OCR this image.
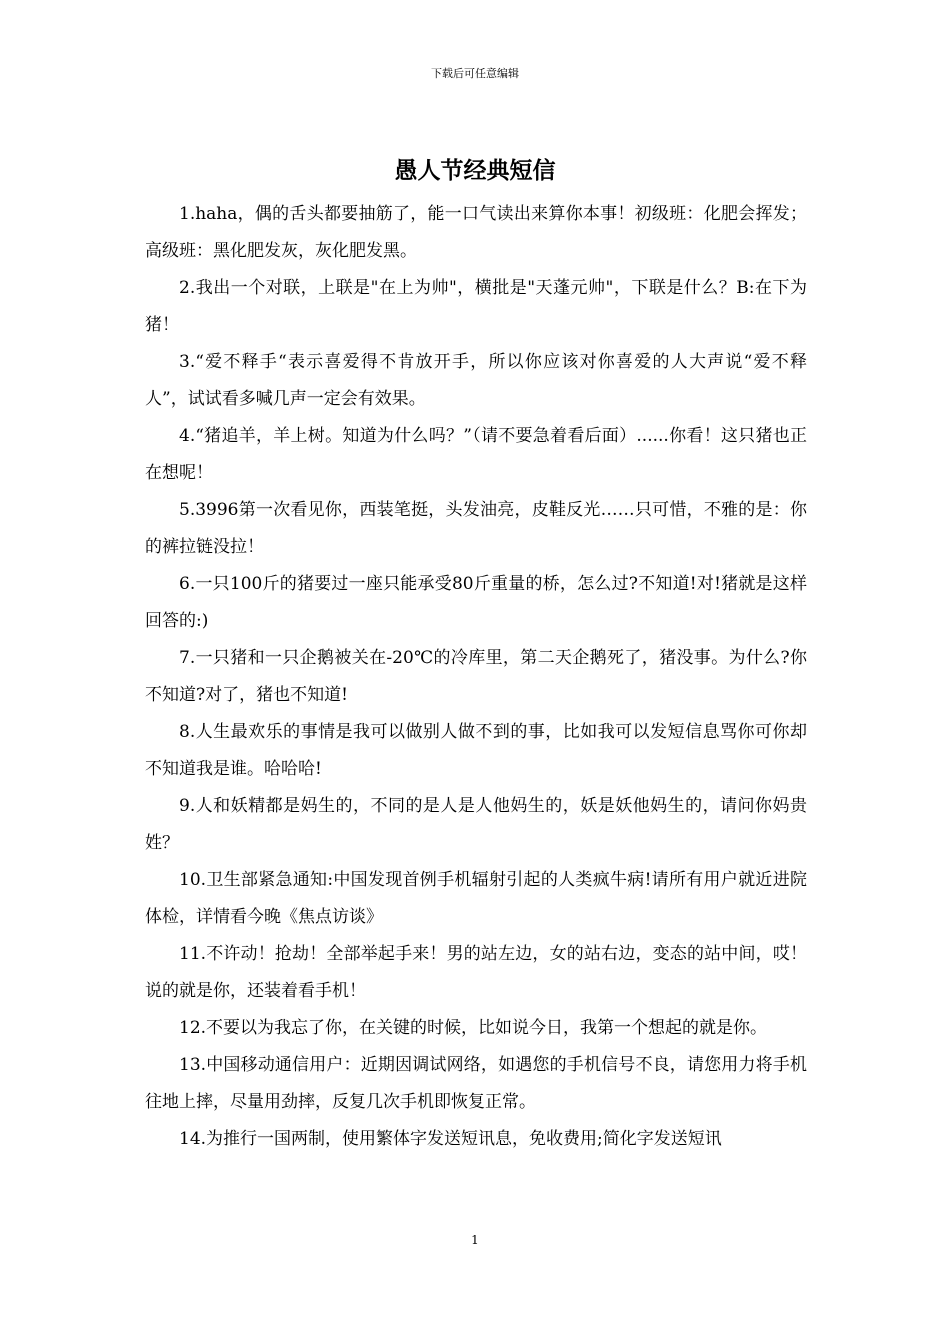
下载后可任意编辑
愚人节经典短信

1.haha，偶的舌头都要抽筋了，能一口气读出来算你本事！初级班：化肥会挥发；高级班：黑化肥发灰，灰化肥发黑。

2.我出一个对联，上联是"在上为帅"，横批是"天蓬元帅"，下联是什么？B:在下为猪！

3.“爱不释手“表示喜爱得不肯放开手，所以你应该对你喜爱的人大声说“爱不释人”，试试看多喊几声一定会有效果。

4.“猪追羊，羊上树。知道为什么吗？”（请不要急着看后面）......你看！这只猪也正在想呢！

5.3996第一次看见你，西装笔挺，头发油亮，皮鞋反光……只可惜，不雅的是：你的裤拉链没拉！

6.一只100斤的猪要过一座只能承受80斤重量的桥，怎么过?不知道!对!猪就是这样回答的:)

7.一只猪和一只企鹅被关在-20℃的冷库里，第二天企鹅死了，猪没事。为什么?你不知道?对了，猪也不知道!

8.人生最欢乐的事情是我可以做别人做不到的事，比如我可以发短信息骂你可你却不知道我是谁。哈哈哈!

9.人和妖精都是妈生的，不同的是人是人他妈生的，妖是妖他妈生的，请问你妈贵姓？

10.卫生部紧急通知:中国发现首例手机辐射引起的人类疯牛病!请所有用户就近进院体检，详情看今晚《焦点访谈》

11.不许动！抢劫！全部举起手来！男的站左边，女的站右边，变态的站中间，哎！说的就是你，还装着看手机！

12.不要以为我忘了你，在关键的时候，比如说今日，我第一个想起的就是你。

13.中国移动通信用户：近期因调试网络，如遇您的手机信号不良，请您用力将手机往地上摔，尽量用劲摔，反复几次手机即恢复正常。

14.为推行一国两制，使用繁体字发送短讯息，免收费用;简化字发送短讯

1
